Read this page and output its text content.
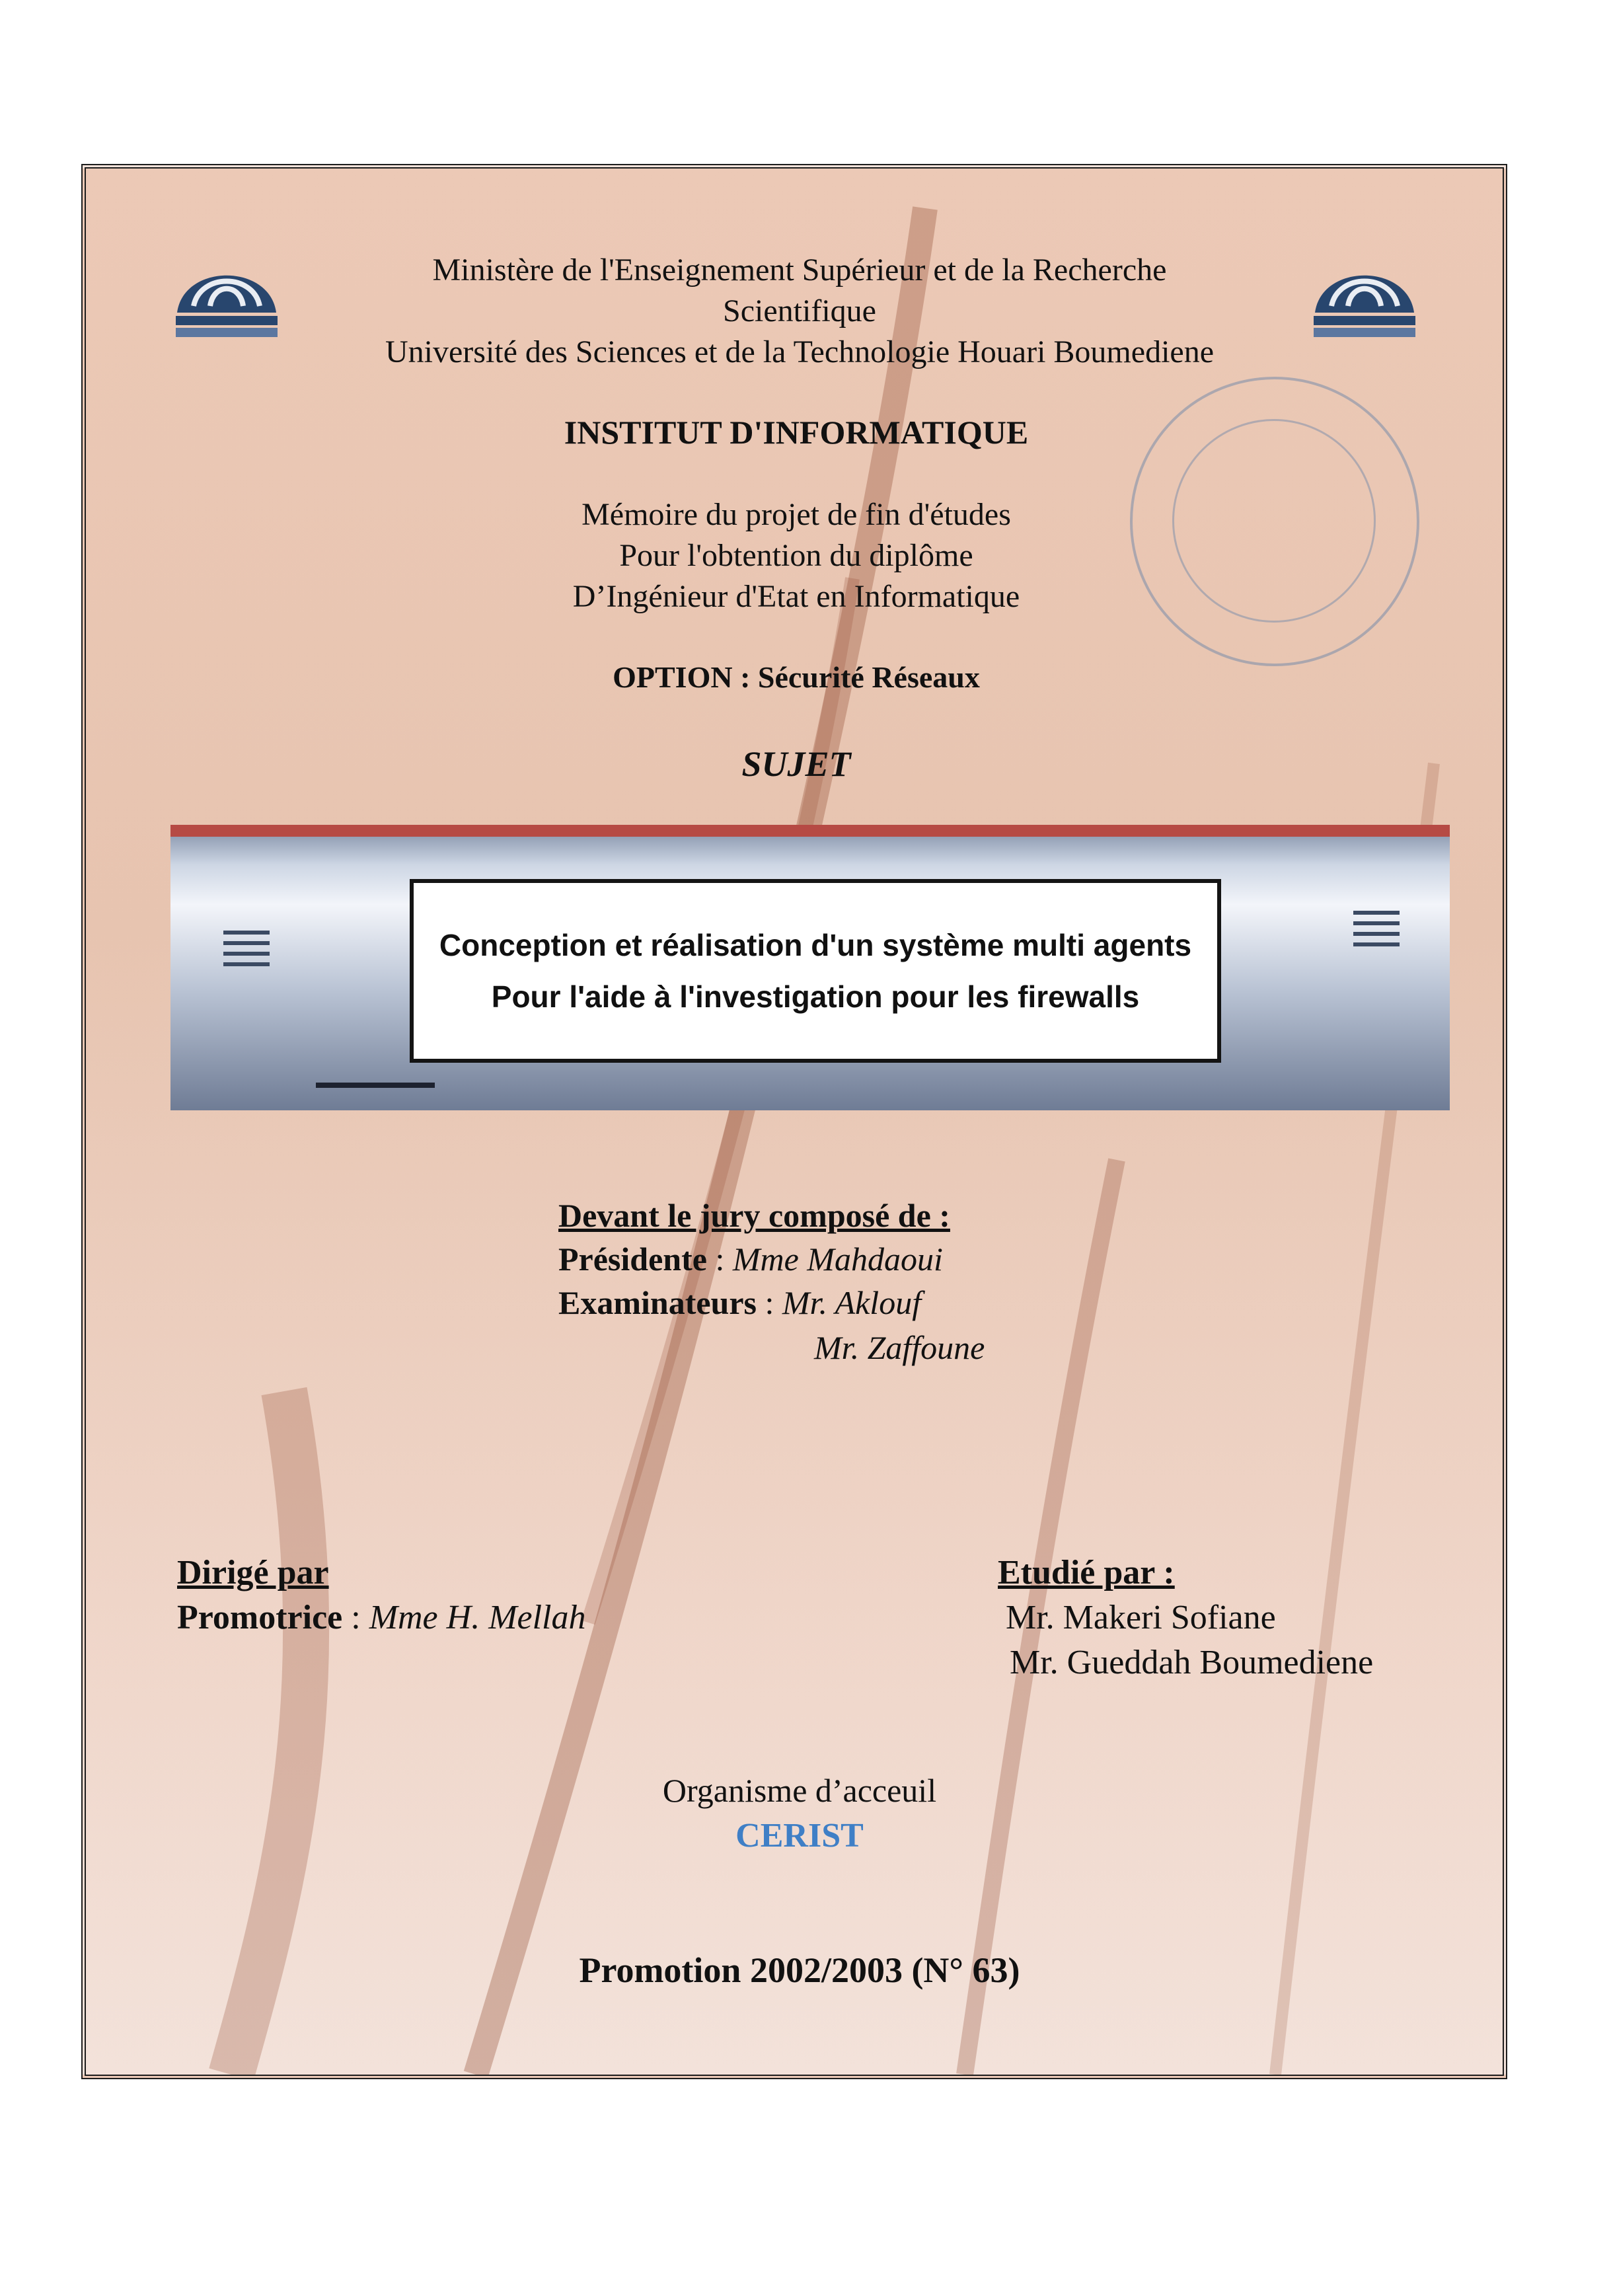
Ministère de l'Enseignement Supérieur et de la Recherche
Scientifique
Université des Sciences et de la Technologie Houari Boumediene
INSTITUT D'INFORMATIQUE
Mémoire du projet de fin d'études
Pour l'obtention du diplôme
D’Ingénieur d'Etat en Informatique
OPTION : Sécurité Réseaux
SUJET
Conception et réalisation d'un système multi agents
Pour l'aide à l'investigation pour les firewalls
Devant le jury composé de :
Présidente : Mme Mahdaoui
Examinateurs : Mr. Aklouf
Mr. Zaffoune
Dirigé par
Promotrice : Mme H. Mellah
Etudié par :
Mr. Makeri Sofiane
Mr. Gueddah Boumediene
Organisme d’acceuil
CERIST
Promotion 2002/2003 (N° 63)
